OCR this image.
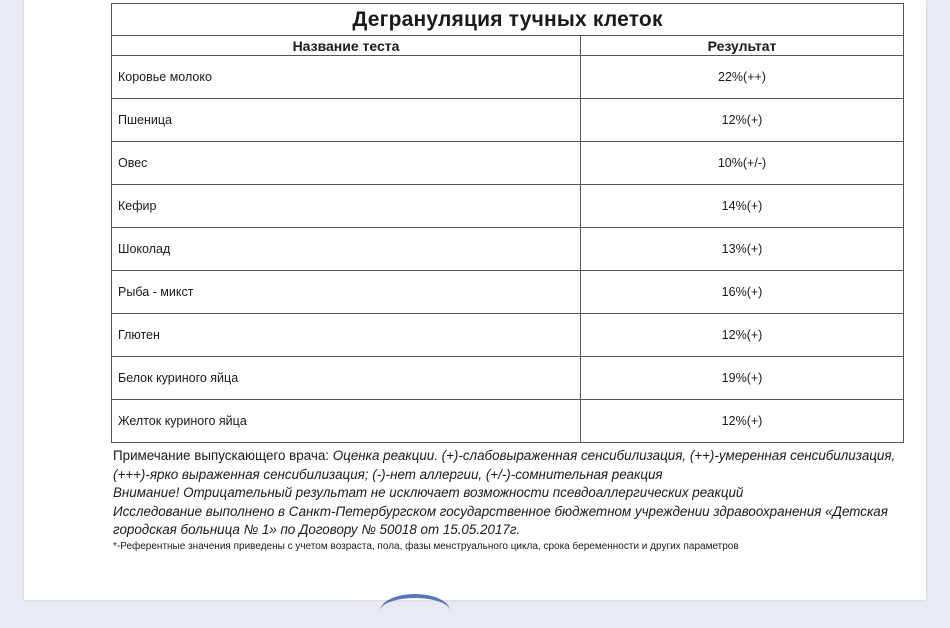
Дегрануляция тучных клеток	
Название теста	Результат
Коровье молоко	22%(++)
Пшеница	12%(+)
Овес	10%(+/-)
Кефир	14%(+)
Шоколад	13%(+)
Рыба - микст	16%(+)
Глютен	12%(+)
Белок куриного яйца	19%(+)
Желток куриного яйца	12%(+)
Примечание выпускающего врача: Оценка реакции. (+)-слабовыраженная сенсибилизация, (++)-умеренная сенсибилизация, (+++)-ярко выраженная сенсибилизация; (-)-нет аллергии, (+/-)-сомнительная реакция
Внимание! Отрицательный результат не исключает возможности псевдоаллергических реакций
Исследование выполнено в Санкт-Петербургском государственное бюджетном учреждении здравоохранения «Детская городская больница № 1» по Договору № 50018 от 15.05.2017г.
*-Референтные значения приведены с учетом возраста, пола, фазы менструального цикла, срока беременности и других параметров
